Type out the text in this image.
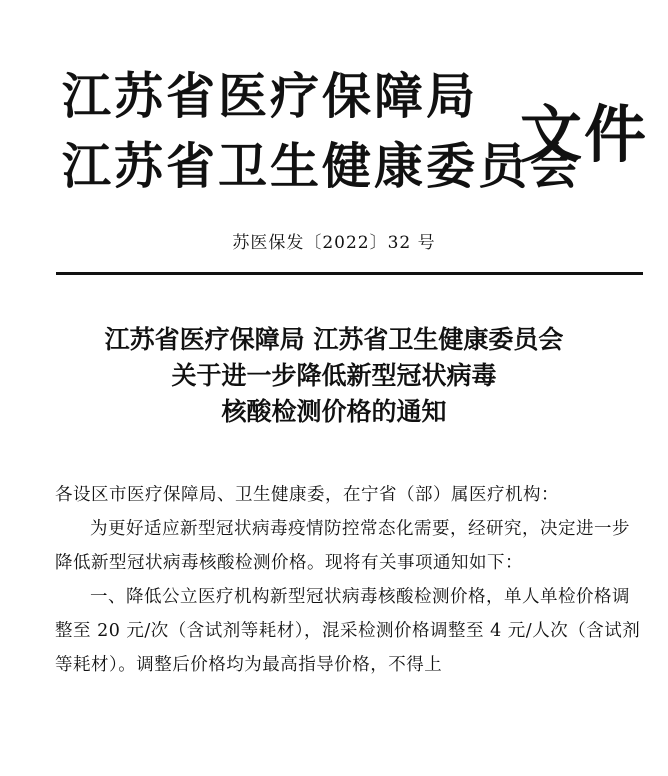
江苏省医疗保障局
江苏省卫生健康委员会
文件
苏医保发〔2022〕32 号
江苏省医疗保障局 江苏省卫生健康委员会
关于进一步降低新型冠状病毒
核酸检测价格的通知

各设区市医疗保障局、卫生健康委，在宁省（部）属医疗机构：

为更好适应新型冠状病毒疫情防控常态化需要，经研究，决定进一步降低新型冠状病毒核酸检测价格。现将有关事项通知如下：

一、降低公立医疗机构新型冠状病毒核酸检测价格，单人单检价格调整至 20 元/次（含试剂等耗材），混采检测价格调整至 4 元/人次（含试剂等耗材）。调整后价格均为最高指导价格，不得上
